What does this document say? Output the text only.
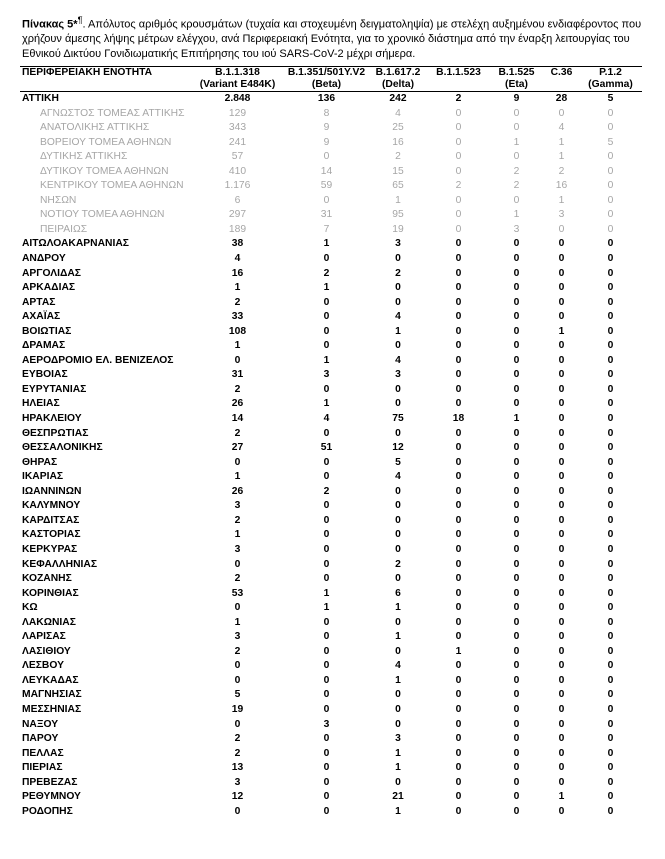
Πίνακας 5*¶. Απόλυτος αριθμός κρουσμάτων (τυχαία και στοχευμένη δειγματοληψία) με στελέχη αυξημένου ενδιαφέροντος που χρήζουν άμεσης λήψης μέτρων ελέγχου, ανά Περιφερειακή Ενότητα, για το χρονικό διάστημα από την έναρξη λειτουργίας του Εθνικού Δικτύου Γονιδιωματικής Επιτήρησης του ιού SARS-CoV-2 μέχρι σήμερα.
ΠΕΡΙΦΕΡΕΙΑΚΗ ΕΝΟΤΗΤΑ	B.1.1.318	B.1.351/501Y.V2	B.1.617.2	B.1.1.523	B.1.525	C.36	P.1.2
	(Variant E484K)	(Beta)	(Delta)		(Eta)		(Gamma)
ΑΤΤΙΚΗ	2.848	136	242	2	9	28	5
ΑΓΝΩΣΤΟΣ ΤΟΜΕΑΣ ΑΤΤΙΚΗΣ	129	8	4	0	0	0	0
ΑΝΑΤΟΛΙΚΗΣ ΑΤΤΙΚΗΣ	343	9	25	0	0	4	0
ΒΟΡΕΙΟΥ ΤΟΜΕΑ ΑΘΗΝΩΝ	241	9	16	0	1	1	5
ΔΥΤΙΚΗΣ ΑΤΤΙΚΗΣ	57	0	2	0	0	1	0
ΔΥΤΙΚΟΥ ΤΟΜΕΑ ΑΘΗΝΩΝ	410	14	15	0	2	2	0
ΚΕΝΤΡΙΚΟΥ ΤΟΜΕΑ ΑΘΗΝΩΝ	1.176	59	65	2	2	16	0
ΝΗΣΩΝ	6	0	1	0	0	1	0
ΝΟΤΙΟΥ ΤΟΜΕΑ ΑΘΗΝΩΝ	297	31	95	0	1	3	0
ΠΕΙΡΑΙΩΣ	189	7	19	0	3	0	0
ΑΙΤΩΛΟΑΚΑΡΝΑΝΙΑΣ	38	1	3	0	0	0	0
ΑΝΔΡΟΥ	4	0	0	0	0	0	0
ΑΡΓΟΛΙΔΑΣ	16	2	2	0	0	0	0
ΑΡΚΑΔΙΑΣ	1	1	0	0	0	0	0
ΑΡΤΑΣ	2	0	0	0	0	0	0
ΑΧΑΪΑΣ	33	0	4	0	0	0	0
ΒΟΙΩΤΙΑΣ	108	0	1	0	0	1	0
ΔΡΑΜΑΣ	1	0	0	0	0	0	0
ΑΕΡΟΔΡΟΜΙΟ ΕΛ. ΒΕΝΙΖΕΛΟΣ	0	1	4	0	0	0	0
ΕΥΒΟΙΑΣ	31	3	3	0	0	0	0
ΕΥΡΥΤΑΝΙΑΣ	2	0	0	0	0	0	0
ΗΛΕΙΑΣ	26	1	0	0	0	0	0
ΗΡΑΚΛΕΙΟΥ	14	4	75	18	1	0	0
ΘΕΣΠΡΩΤΙΑΣ	2	0	0	0	0	0	0
ΘΕΣΣΑΛΟΝΙΚΗΣ	27	51	12	0	0	0	0
ΘΗΡΑΣ	0	0	5	0	0	0	0
ΙΚΑΡΙΑΣ	1	0	4	0	0	0	0
ΙΩΑΝΝΙΝΩΝ	26	2	0	0	0	0	0
ΚΑΛΥΜΝΟΥ	3	0	0	0	0	0	0
ΚΑΡΔΙΤΣΑΣ	2	0	0	0	0	0	0
ΚΑΣΤΟΡΙΑΣ	1	0	0	0	0	0	0
ΚΕΡΚΥΡΑΣ	3	0	0	0	0	0	0
ΚΕΦΑΛΛΗΝΙΑΣ	0	0	2	0	0	0	0
ΚΟΖΑΝΗΣ	2	0	0	0	0	0	0
ΚΟΡΙΝΘΙΑΣ	53	1	6	0	0	0	0
ΚΩ	0	1	1	0	0	0	0
ΛΑΚΩΝΙΑΣ	1	0	0	0	0	0	0
ΛΑΡΙΣΑΣ	3	0	1	0	0	0	0
ΛΑΣΙΘΙΟΥ	2	0	0	1	0	0	0
ΛΕΣΒΟΥ	0	0	4	0	0	0	0
ΛΕΥΚΑΔΑΣ	0	0	1	0	0	0	0
ΜΑΓΝΗΣΙΑΣ	5	0	0	0	0	0	0
ΜΕΣΣΗΝΙΑΣ	19	0	0	0	0	0	0
ΝΑΞΟΥ	0	3	0	0	0	0	0
ΠΑΡΟΥ	2	0	3	0	0	0	0
ΠΕΛΛΑΣ	2	0	1	0	0	0	0
ΠΙΕΡΙΑΣ	13	0	1	0	0	0	0
ΠΡΕΒΕΖΑΣ	3	0	0	0	0	0	0
ΡΕΘΥΜΝΟΥ	12	0	21	0	0	1	0
ΡΟΔΟΠΗΣ	0	0	1	0	0	0	0
